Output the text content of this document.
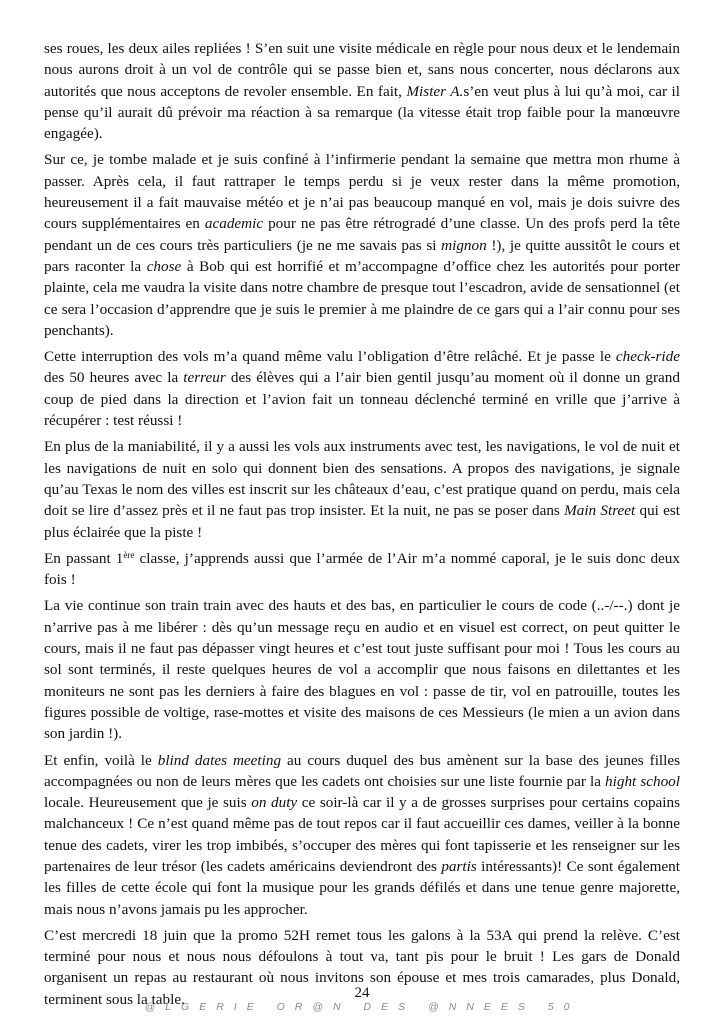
ses roues, les deux ailes repliées ! S’en suit une visite médicale en règle pour nous deux et le lendemain nous aurons droit à un vol de contrôle qui se passe bien et, sans nous concerter, nous déclarons aux autorités que nous acceptons de revoler ensemble. En fait, Mister A.s’en veut plus à lui qu’à moi, car il pense qu’il aurait dû prévoir ma réaction à sa remarque (la vitesse était trop faible pour la manœuvre engagée).

Sur ce, je tombe malade et je suis confiné à l’infirmerie pendant la semaine que mettra mon rhume à passer. Après cela, il faut rattraper le temps perdu si je veux rester dans la même promotion, heureusement il a fait mauvaise météo et je n’ai pas beaucoup manqué en vol, mais je dois suivre des cours supplémentaires en academic pour ne pas être rétrogradé d’une classe. Un des profs perd la tête pendant un de ces cours très particuliers (je ne me savais pas si mignon !), je quitte aussitôt le cours et pars raconter la chose à Bob qui est horrifié et m’accompagne d’office chez les autorités pour porter plainte, cela me vaudra la visite dans notre chambre de presque tout l’escadron, avide de sensationnel (et ce sera l’occasion d’apprendre que je suis le premier à me plaindre de ce gars qui a l’air connu pour ses penchants).

Cette interruption des vols m’a quand même valu l’obligation d’être relâché. Et je passe le check-ride des 50 heures avec la terreur des élèves qui a l’air bien gentil jusqu’au moment où il donne un grand coup de pied dans la direction et l’avion fait un tonneau déclenché terminé en vrille que j’arrive à récupérer : test réussi !

En plus de la maniabilité, il y a aussi les vols aux instruments avec test, les navigations, le vol de nuit et les navigations de nuit en solo qui donnent bien des sensations. A propos des navigations, je signale qu’au Texas le nom des villes est inscrit sur les châteaux d’eau, c’est pratique quand on perdu, mais cela doit se lire d’assez près et il ne faut pas trop insister. Et la nuit, ne pas se poser dans Main Street qui est plus éclairée que la piste !

En passant 1ère classe, j’apprends aussi que l’armée de l’Air m’a nommé caporal, je le suis donc deux fois !

La vie continue son train train avec des hauts et des bas, en particulier le cours de code (..-/--.) dont je n’arrive pas à me libérer : dès qu’un message reçu en audio et en visuel est correct, on peut quitter le cours, mais il ne faut pas dépasser vingt heures et c’est tout juste suffisant pour moi ! Tous les cours au sol sont terminés, il reste quelques heures de vol a accomplir que nous faisons en dilettantes et les moniteurs ne sont pas les derniers à faire des blagues en vol : passe de tir, vol en patrouille, toutes les figures possible de voltige, rase-mottes et visite des maisons de ces Messieurs (le mien a un avion dans son jardin !).

Et enfin, voilà le blind dates meeting au cours duquel des bus amènent sur la base des jeunes filles accompagnées ou non de leurs mères que les cadets ont choisies sur une liste fournie par la hight school locale. Heureusement que je suis on duty ce soir-là car il y a de grosses surprises pour certains copains malchanceux ! Ce n’est quand même pas de tout repos car il faut accueillir ces dames, veiller à la bonne tenue des cadets, virer les trop imbibés, s’occuper des mères qui font tapisserie et les renseigner sur les partenaires de leur trésor (les cadets américains deviendront des partis intéressants)! Ce sont également les filles de cette école qui font la musique pour les grands défilés et dans une tenue genre majorette, mais nous n’avons jamais pu les approcher.

C’est mercredi 18 juin que la promo 52H remet tous les galons à la 53A qui prend la relève. C’est terminé pour nous et nous nous défoulons à tout va, tant pis pour le bruit ! Les gars de Donald organisent un repas au restaurant où nous invitons son épouse et mes trois camarades, plus Donald, terminent sous la table.	24
@LGERIE OR@N DES @NNEES 50
